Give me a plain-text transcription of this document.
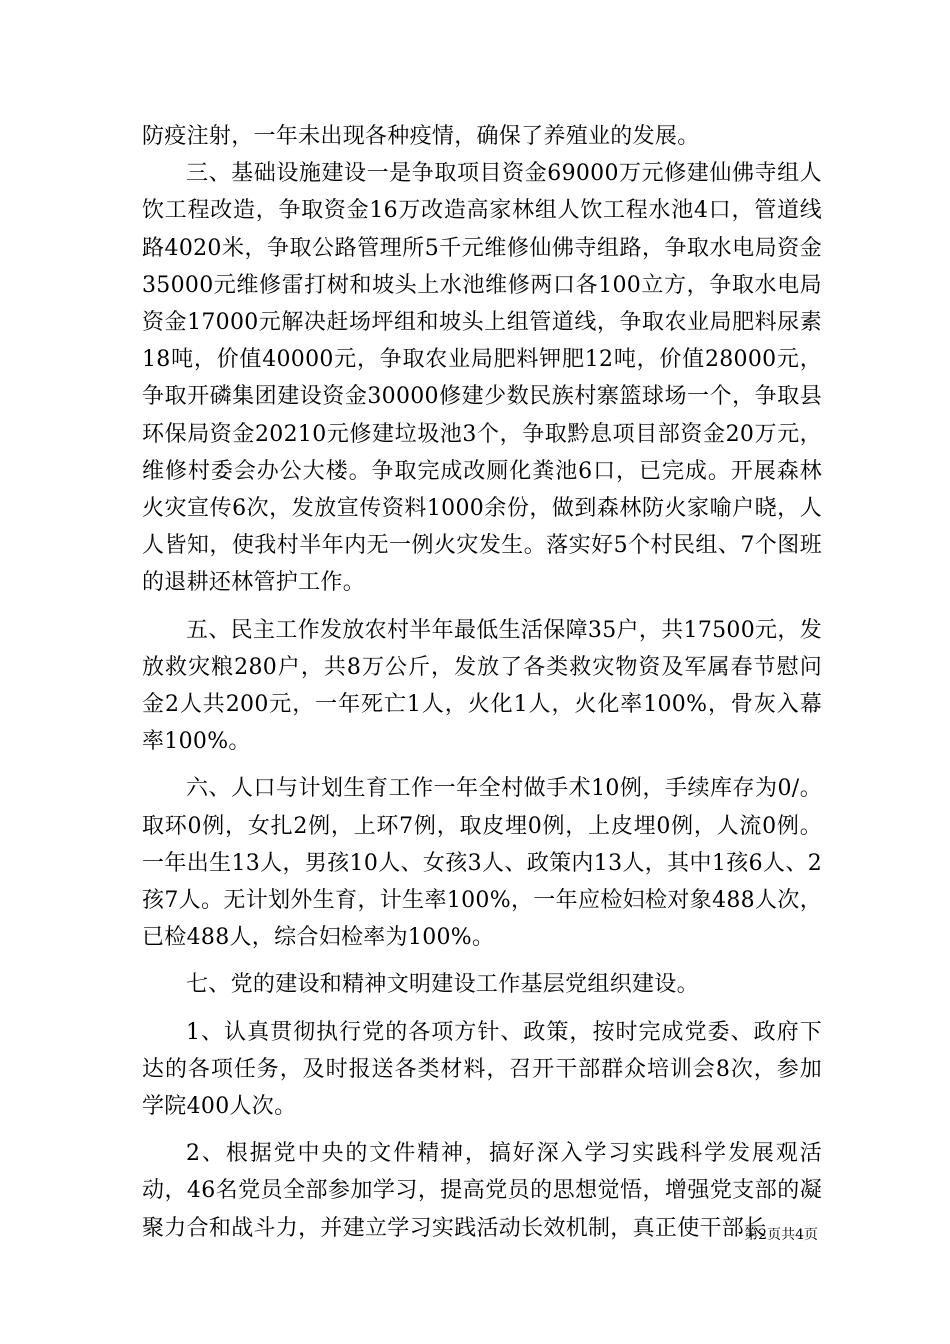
防疫注射，一年未出现各种疫情，确保了养殖业的发展。

三、基础设施建设一是争取项目资金69000万元修建仙佛寺组人饮工程改造，争取资金16万改造高家林组人饮工程水池4口，管道线路4020米，争取公路管理所5千元维修仙佛寺组路，争取水电局资金35000元维修雷打树和坡头上水池维修两口各100立方，争取水电局资金17000元解决赶场坪组和坡头上组管道线，争取农业局肥料尿素18吨，价值40000元，争取农业局肥料钾肥12吨，价值28000元，争取开磷集团建设资金30000修建少数民族村寨篮球场一个，争取县环保局资金20210元修建垃圾池3个，争取黔息项目部资金20万元，维修村委会办公大楼。争取完成改厕化粪池6口，已完成。开展森林火灾宣传6次，发放宣传资料1000余份，做到森林防火家喻户晓，人人皆知，使我村半年内无一例火灾发生。落实好5个村民组、7个图班的退耕还林管护工作。

五、民主工作发放农村半年最低生活保障35户，共17500元，发放救灾粮280户，共8万公斤，发放了各类救灾物资及军属春节慰问金2人共200元，一年死亡1人，火化1人，火化率100%，骨灰入幕率100%。

六、人口与计划生育工作一年全村做手术10例，手续库存为0/。取环0例，女扎2例，上环7例，取皮埋0例，上皮埋0例，人流0例。一年出生13人，男孩10人、女孩3人、政策内13人，其中1孩6人、2孩7人。无计划外生育，计生率100%，一年应检妇检对象488人次，已检488人，综合妇检率为100%。

七、党的建设和精神文明建设工作基层党组织建设。

1、认真贯彻执行党的各项方针、政策，按时完成党委、政府下达的各项任务，及时报送各类材料，召开干部群众培训会8次，参加学院400人次。

2、根据党中央的文件精神，搞好深入学习实践科学发展观活动，46名党员全部参加学习，提高党员的思想觉悟，增强党支部的凝聚力合和战斗力，并建立学习实践活动长效机制，真正使干部长

第2页共4页
